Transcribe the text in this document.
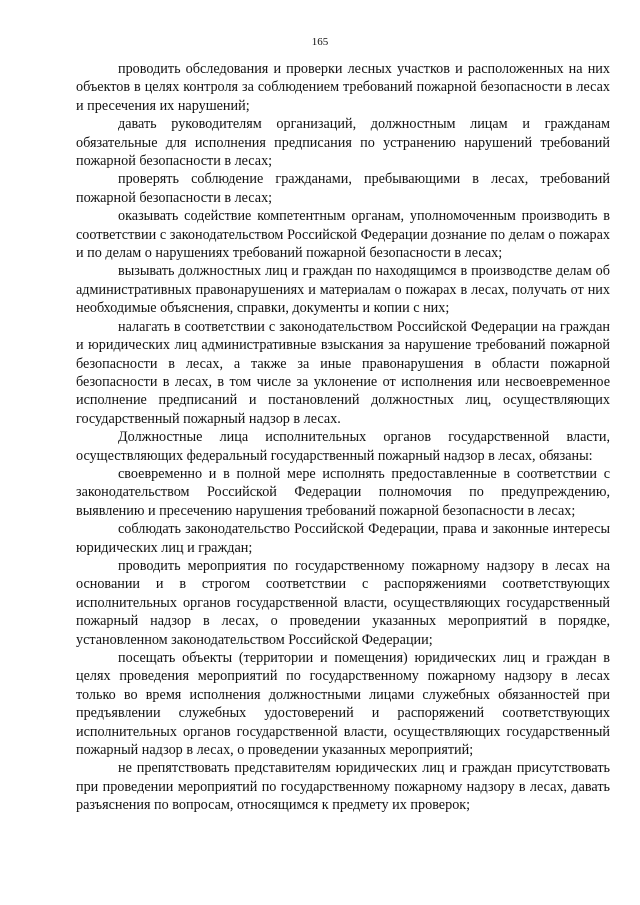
165

проводить обследования и проверки лесных участков и расположенных на них объектов в целях контроля за соблюдением требований пожарной безопасности в лесах и пресечения их нарушений;

давать руководителям организаций, должностным лицам и гражданам обязательные для исполнения предписания по устранению нарушений требований пожарной безопасности в лесах;

проверять соблюдение гражданами, пребывающими в лесах, требований пожарной безопасности в лесах;

оказывать содействие компетентным органам, уполномоченным производить в соответствии с законодательством Российской Федерации дознание по делам о пожарах и по делам о нарушениях требований пожарной безопасности в лесах;

вызывать должностных лиц и граждан по находящимся в производстве делам об административных правонарушениях и материалам о пожарах в лесах, получать от них необходимые объяснения, справки, документы и копии с них;

налагать в соответствии с законодательством Российской Федерации на граждан и юридических лиц административные взыскания за нарушение требований пожарной безопасности в лесах, а также за иные правонарушения в области пожарной безопасности в лесах, в том числе за уклонение от исполнения или несвоевременное исполнение предписаний и постановлений должностных лиц, осуществляющих государственный пожарный надзор в лесах.

Должностные лица исполнительных органов государственной власти, осуществляющих федеральный государственный пожарный надзор в лесах, обязаны:

своевременно и в полной мере исполнять предоставленные в соответствии с законодательством Российской Федерации полномочия по предупреждению, выявлению и пресечению нарушения требований пожарной безопасности в лесах;

соблюдать законодательство Российской Федерации, права и законные интересы юридических лиц и граждан;

проводить мероприятия по государственному пожарному надзору в лесах на основании и в строгом соответствии с распоряжениями соответствующих исполнительных органов государственной власти, осуществляющих государственный пожарный надзор в лесах, о проведении указанных мероприятий в порядке, установленном законодательством Российской Федерации;

посещать объекты (территории и помещения) юридических лиц и граждан в целях проведения мероприятий по государственному пожарному надзору в лесах только во время исполнения должностными лицами служебных обязанностей при предъявлении служебных удостоверений и распоряжений соответствующих исполнительных органов государственной власти, осуществляющих государственный пожарный надзор в лесах, о проведении указанных мероприятий;

не препятствовать представителям юридических лиц и граждан присутствовать при проведении мероприятий по государственному пожарному надзору в лесах, давать разъяснения по вопросам, относящимся к предмету их проверок;
